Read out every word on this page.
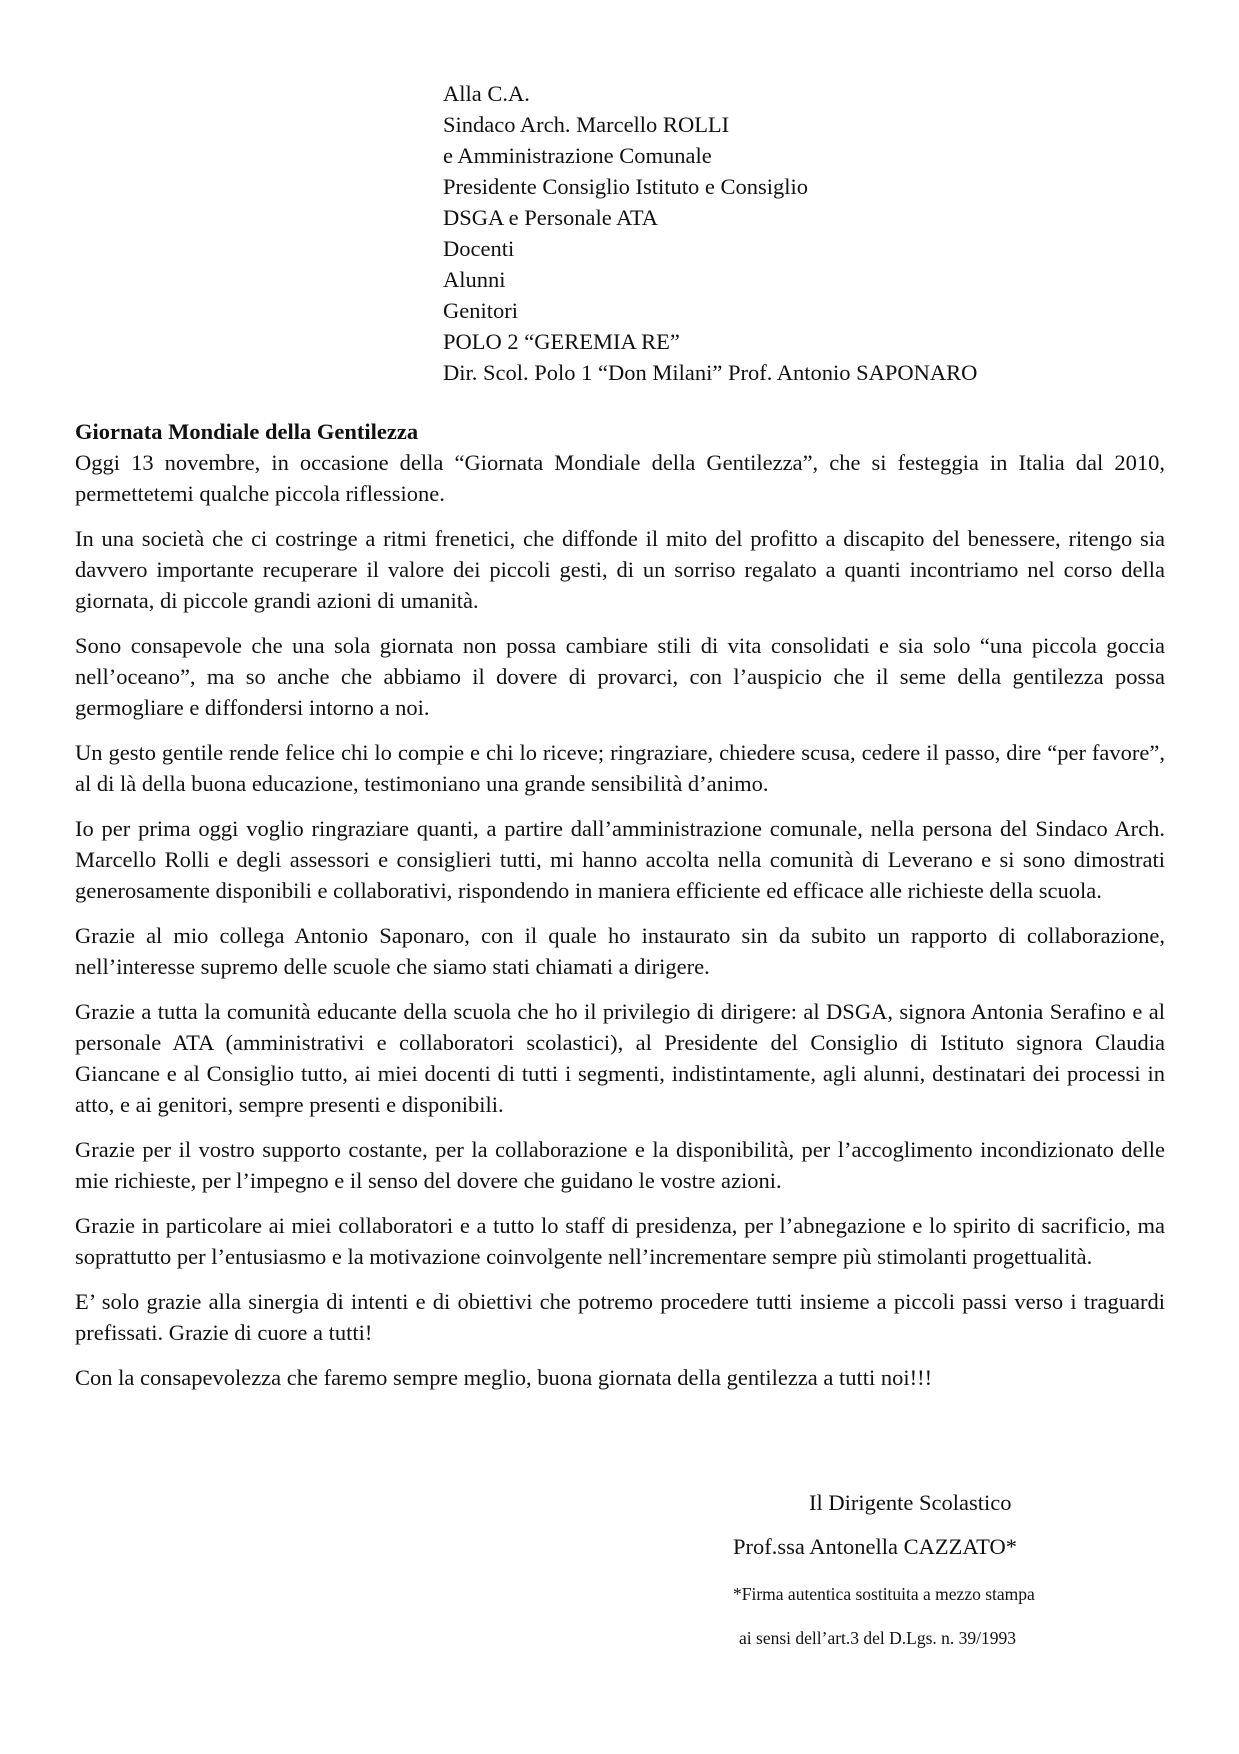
Alla C.A.
Sindaco Arch. Marcello ROLLI
e Amministrazione Comunale
Presidente Consiglio Istituto e Consiglio
DSGA e Personale ATA
Docenti
Alunni
Genitori
POLO 2 “GEREMIA RE”
Dir. Scol. Polo 1 “Don Milani” Prof. Antonio SAPONARO
Giornata Mondiale della Gentilezza
Oggi 13 novembre, in occasione della “Giornata Mondiale della Gentilezza”, che si festeggia in Italia dal 2010, permettetemi qualche piccola riflessione.
In una società che ci costringe a ritmi frenetici, che diffonde il mito del profitto a discapito del benessere, ritengo sia davvero importante recuperare il valore dei piccoli gesti, di un sorriso regalato a quanti incontriamo nel corso della giornata, di piccole grandi azioni di umanità.
Sono consapevole che una sola giornata non possa cambiare stili di vita consolidati e sia solo “una piccola goccia nell’oceano”, ma so anche che abbiamo il dovere di provarci, con l’auspicio che il seme della gentilezza possa germogliare e diffondersi intorno a noi.
Un gesto gentile rende felice chi lo compie e chi lo riceve; ringraziare, chiedere scusa, cedere il passo, dire “per favore”, al di là della buona educazione, testimoniano una grande sensibilità d’animo.
Io per prima oggi voglio ringraziare quanti, a partire dall’amministrazione comunale, nella persona del Sindaco Arch. Marcello Rolli e degli assessori e consiglieri tutti, mi hanno accolta nella comunità di Leverano e si sono dimostrati generosamente disponibili e collaborativi, rispondendo in maniera efficiente ed efficace alle richieste della scuola.
Grazie al mio collega Antonio Saponaro, con il quale ho instaurato sin da subito un rapporto di collaborazione, nell’interesse supremo delle scuole che siamo stati chiamati a dirigere.
Grazie a tutta la comunità educante della scuola che ho il privilegio di dirigere: al DSGA, signora Antonia Serafino e al personale ATA (amministrativi e collaboratori scolastici), al Presidente del Consiglio di Istituto signora Claudia Giancane e al Consiglio tutto, ai miei docenti di tutti i segmenti, indistintamente, agli alunni, destinatari dei processi in atto, e ai genitori, sempre presenti e disponibili.
Grazie per il vostro supporto costante, per la collaborazione e la disponibilità, per l’accoglimento incondizionato delle mie richieste, per l’impegno e il senso del dovere che guidano le vostre azioni.
Grazie in particolare ai miei collaboratori e a tutto lo staff di presidenza, per l’abnegazione e lo spirito di sacrificio, ma soprattutto per l’entusiasmo e la motivazione coinvolgente nell’incrementare sempre più stimolanti progettualità.
E’ solo grazie alla sinergia di intenti e di obiettivi che potremo procedere tutti insieme a piccoli passi verso i traguardi prefissati. Grazie di cuore a tutti!
Con la consapevolezza che faremo sempre meglio, buona giornata della gentilezza a tutti noi!!!
Il Dirigente Scolastico
Prof.ssa Antonella CAZZATO*
*Firma autentica sostituita a mezzo stampa
ai sensi dell’art.3 del D.Lgs. n. 39/1993
